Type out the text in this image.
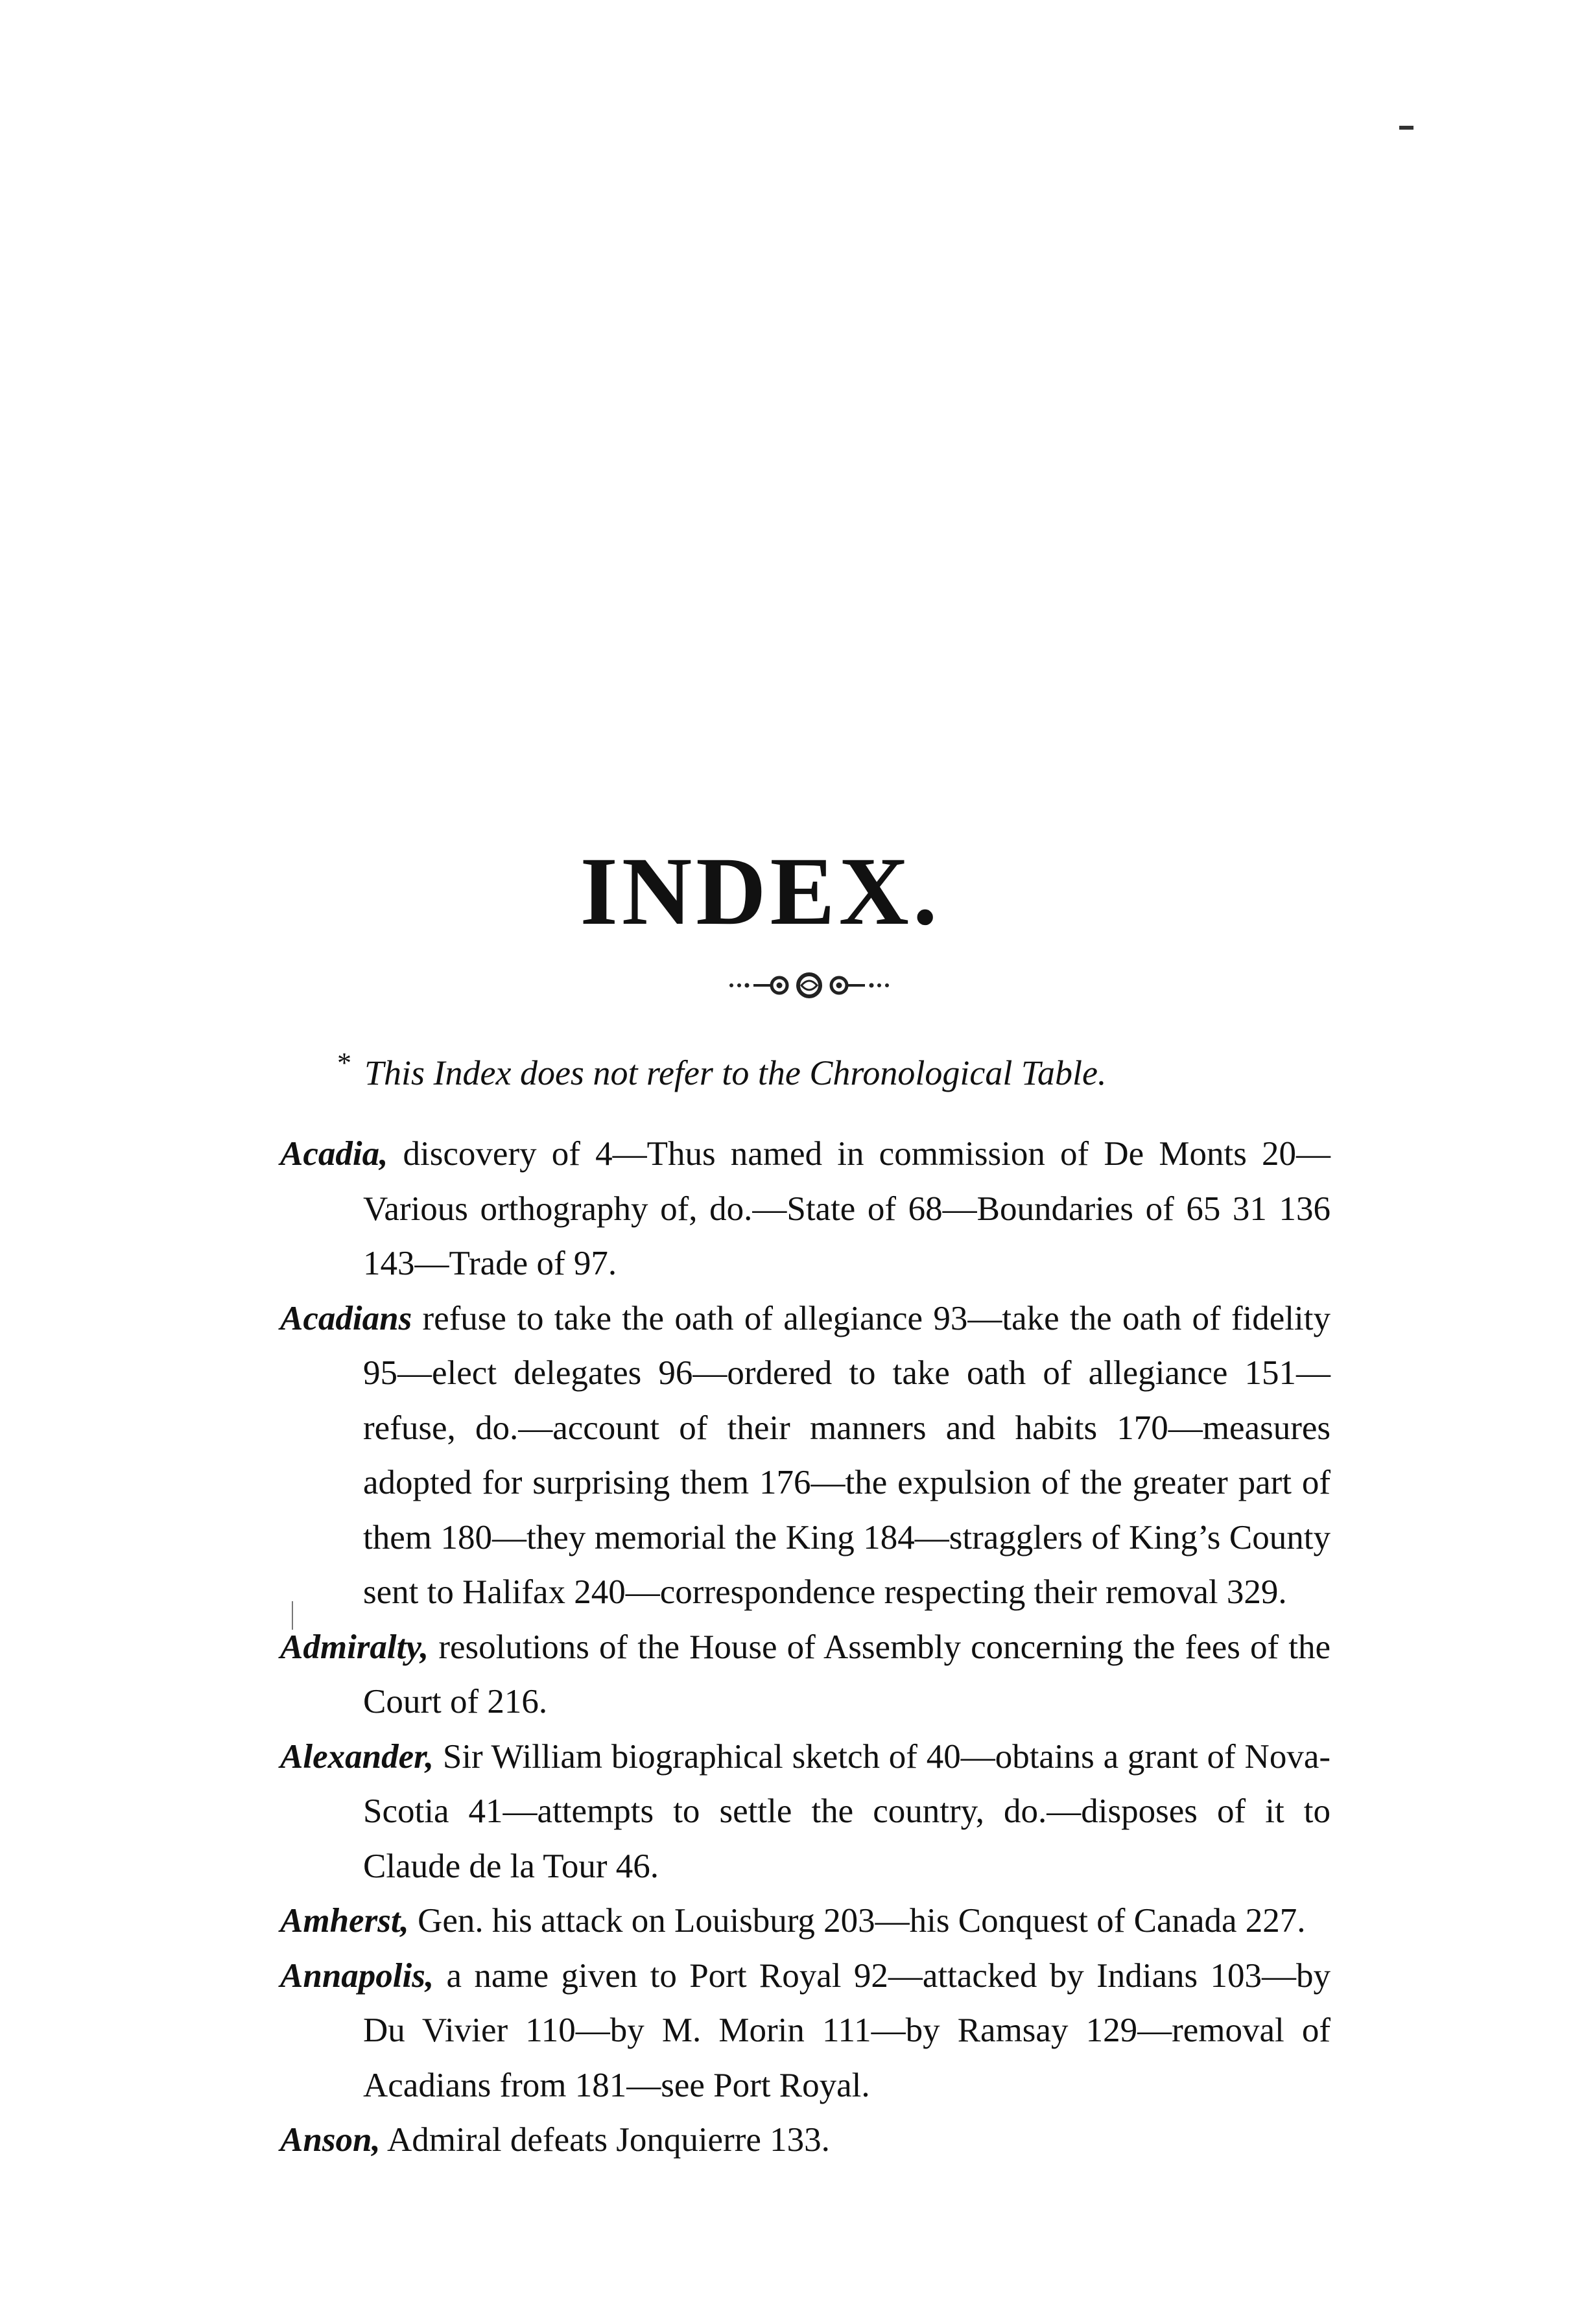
INDEX.
* This Index does not refer to the Chronological Table.

Acadia, discovery of 4—Thus named in commission of De Monts 20—Various orthography of, do.—State of 68—Boundaries of 65 31 136 143—Trade of 97.

Acadians refuse to take the oath of allegiance 93—take the oath of fidelity 95—elect delegates 96—ordered to take oath of allegiance 151—refuse, do.—account of their manners and habits 170—measures adopted for surprising them 176—the expulsion of the greater part of them 180—they memorial the King 184—stragglers of King’s County sent to Halifax 240—correspondence respecting their removal 329.

Admiralty, resolutions of the House of Assembly concerning the fees of the Court of 216.

Alexander, Sir William biographical sketch of 40—obtains a grant of Nova-Scotia 41—attempts to settle the country, do.—disposes of it to Claude de la Tour 46.

Amherst, Gen. his attack on Louisburg 203—his Conquest of Canada 227.

Annapolis, a name given to Port Royal 92—attacked by Indians 103—by Du Vivier 110—by M. Morin 111—by Ramsay 129—removal of Acadians from 181—see Port Royal.

Anson, Admiral defeats Jonquierre 133.
